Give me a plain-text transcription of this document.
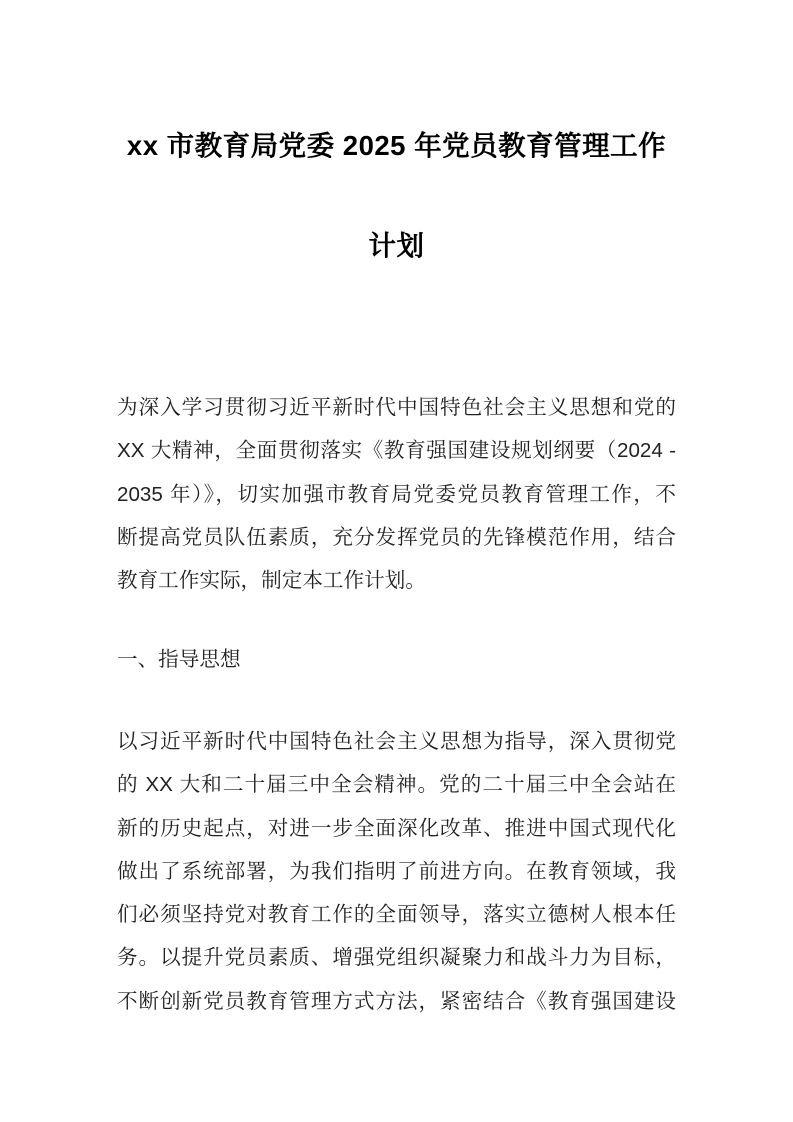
xx 市教育局党委 2025 年党员教育管理工作
计划
为深入学习贯彻习近平新时代中国特色社会主义思想和党的
XX 大精神，全面贯彻落实《教育强国建设规划纲要（2024 -
2035 年）》，切实加强市教育局党委党员教育管理工作，不
断提高党员队伍素质，充分发挥党员的先锋模范作用，结合
教育工作实际，制定本工作计划。
一、指导思想
以习近平新时代中国特色社会主义思想为指导，深入贯彻党
的 XX 大和二十届三中全会精神。党的二十届三中全会站在
新的历史起点，对进一步全面深化改革、推进中国式现代化
做出了系统部署，为我们指明了前进方向。在教育领域，我
们必须坚持党对教育工作的全面领导，落实立德树人根本任
务。以提升党员素质、增强党组织凝聚力和战斗力为目标，
不断创新党员教育管理方式方法，紧密结合《教育强国建设
